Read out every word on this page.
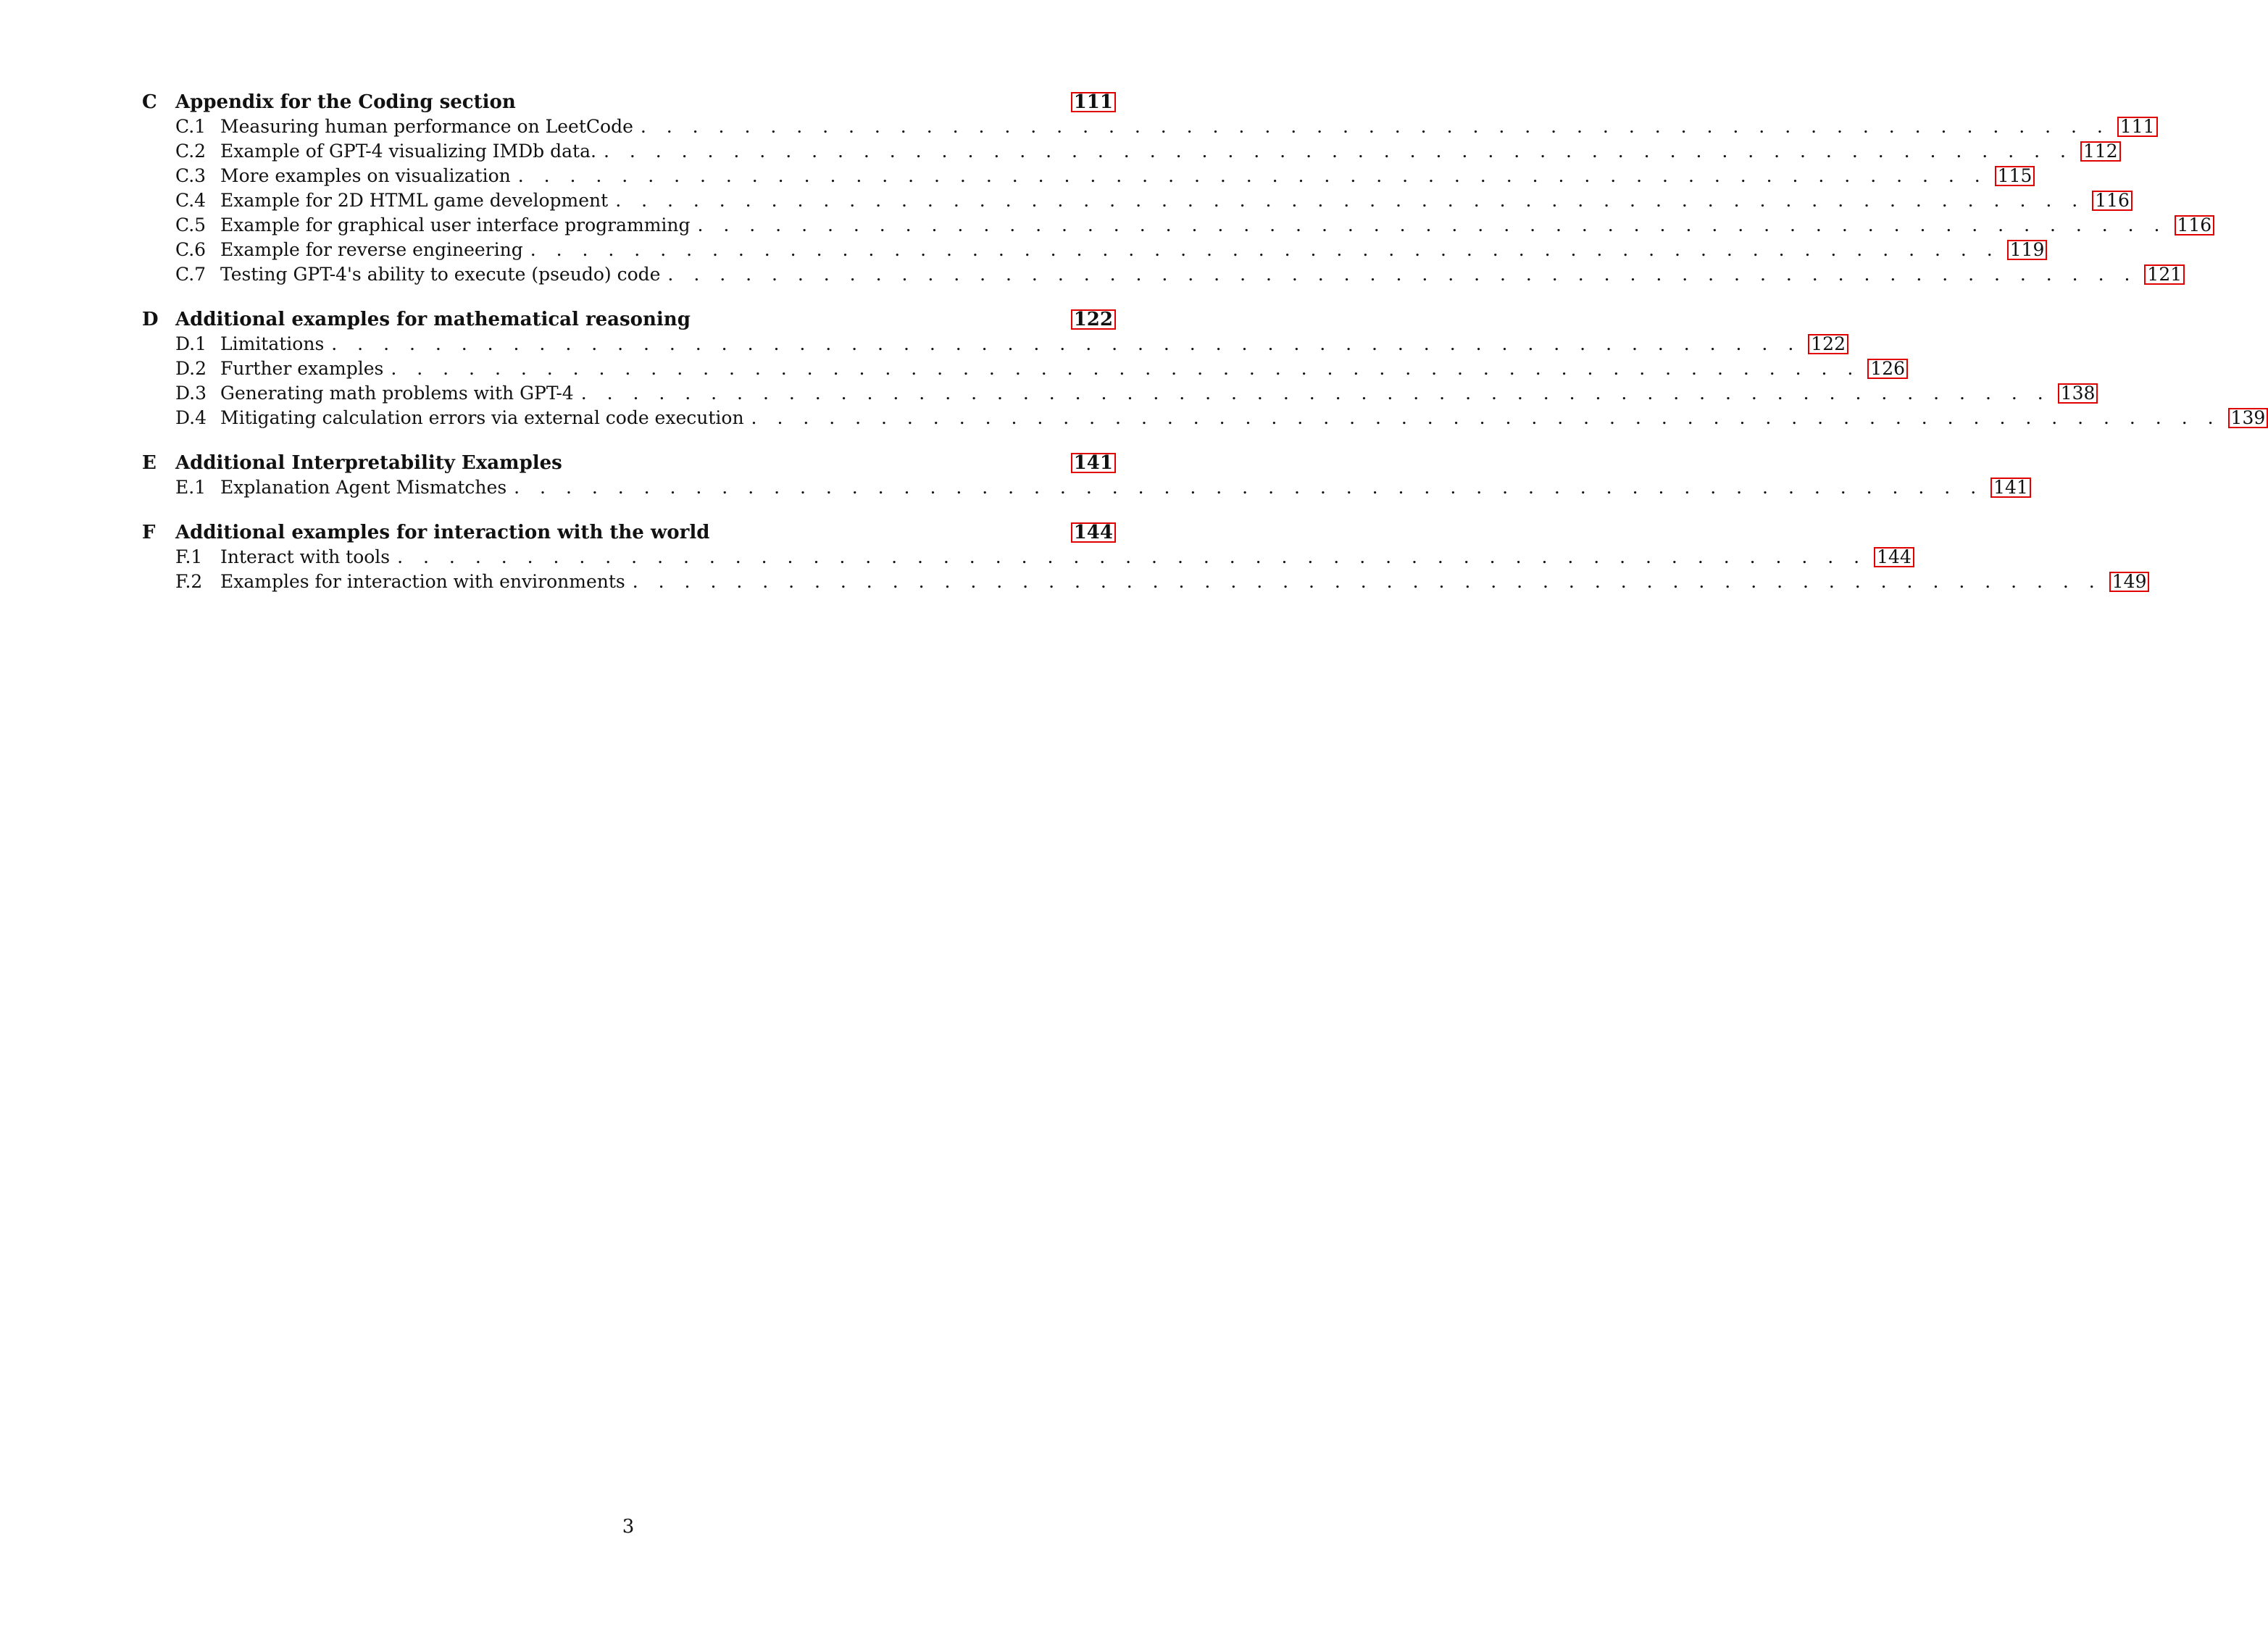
C Appendix for the Coding section	111
C.1 Measuring human performance on LeetCode . . . . . . . . . . . . . . . . . . . . . . . . . . . . . . . . . . . . . . . . . . . . . . . . . . . . . . . . . 111
C.2 Example of GPT-4 visualizing IMDb data. . . . . . . . . . . . . . . . . . . . . . . . . . . . . . . . . . . . . . . . . . . . . . . . . . . . . . . . . . 112
C.3 More examples on visualization . . . . . . . . . . . . . . . . . . . . . . . . . . . . . . . . . . . . . . . . . . . . . . . . . . . . . . . . . 115
C.4 Example for 2D HTML game development . . . . . . . . . . . . . . . . . . . . . . . . . . . . . . . . . . . . . . . . . . . . . . . . . . . . . . . . . 116
C.5 Example for graphical user interface programming . . . . . . . . . . . . . . . . . . . . . . . . . . . . . . . . . . . . . . . . . . . . . . . . . . . . . . . . . 116
C.6 Example for reverse engineering . . . . . . . . . . . . . . . . . . . . . . . . . . . . . . . . . . . . . . . . . . . . . . . . . . . . . . . . . 119
C.7 Testing GPT-4's ability to execute (pseudo) code . . . . . . . . . . . . . . . . . . . . . . . . . . . . . . . . . . . . . . . . . . . . . . . . . . . . . . . . . 121
D Additional examples for mathematical reasoning	122
D.1 Limitations . . . . . . . . . . . . . . . . . . . . . . . . . . . . . . . . . . . . . . . . . . . . . . . . . . . . . . . . . 122
D.2 Further examples . . . . . . . . . . . . . . . . . . . . . . . . . . . . . . . . . . . . . . . . . . . . . . . . . . . . . . . . . 126
D.3 Generating math problems with GPT-4 . . . . . . . . . . . . . . . . . . . . . . . . . . . . . . . . . . . . . . . . . . . . . . . . . . . . . . . . . 138
D.4 Mitigating calculation errors via external code execution . . . . . . . . . . . . . . . . . . . . . . . . . . . . . . . . . . . . . . . . . . . . . . . . . . . . . . . . . 139
E	Additional Interpretability Examples	141
E.1 Explanation Agent Mismatches . . . . . . . . . . . . . . . . . . . . . . . . . . . . . . . . . . . . . . . . . . . . . . . . . . . . . . . . . 141
F	Additional examples for interaction with the world	144
F.1 Interact with tools . . . . . . . . . . . . . . . . . . . . . . . . . . . . . . . . . . . . . . . . . . . . . . . . . . . . . . . . . 144
F.2 Examples for interaction with environments . . . . . . . . . . . . . . . . . . . . . . . . . . . . . . . . . . . . . . . . . . . . . . . . . . . . . . . . . 149
3
